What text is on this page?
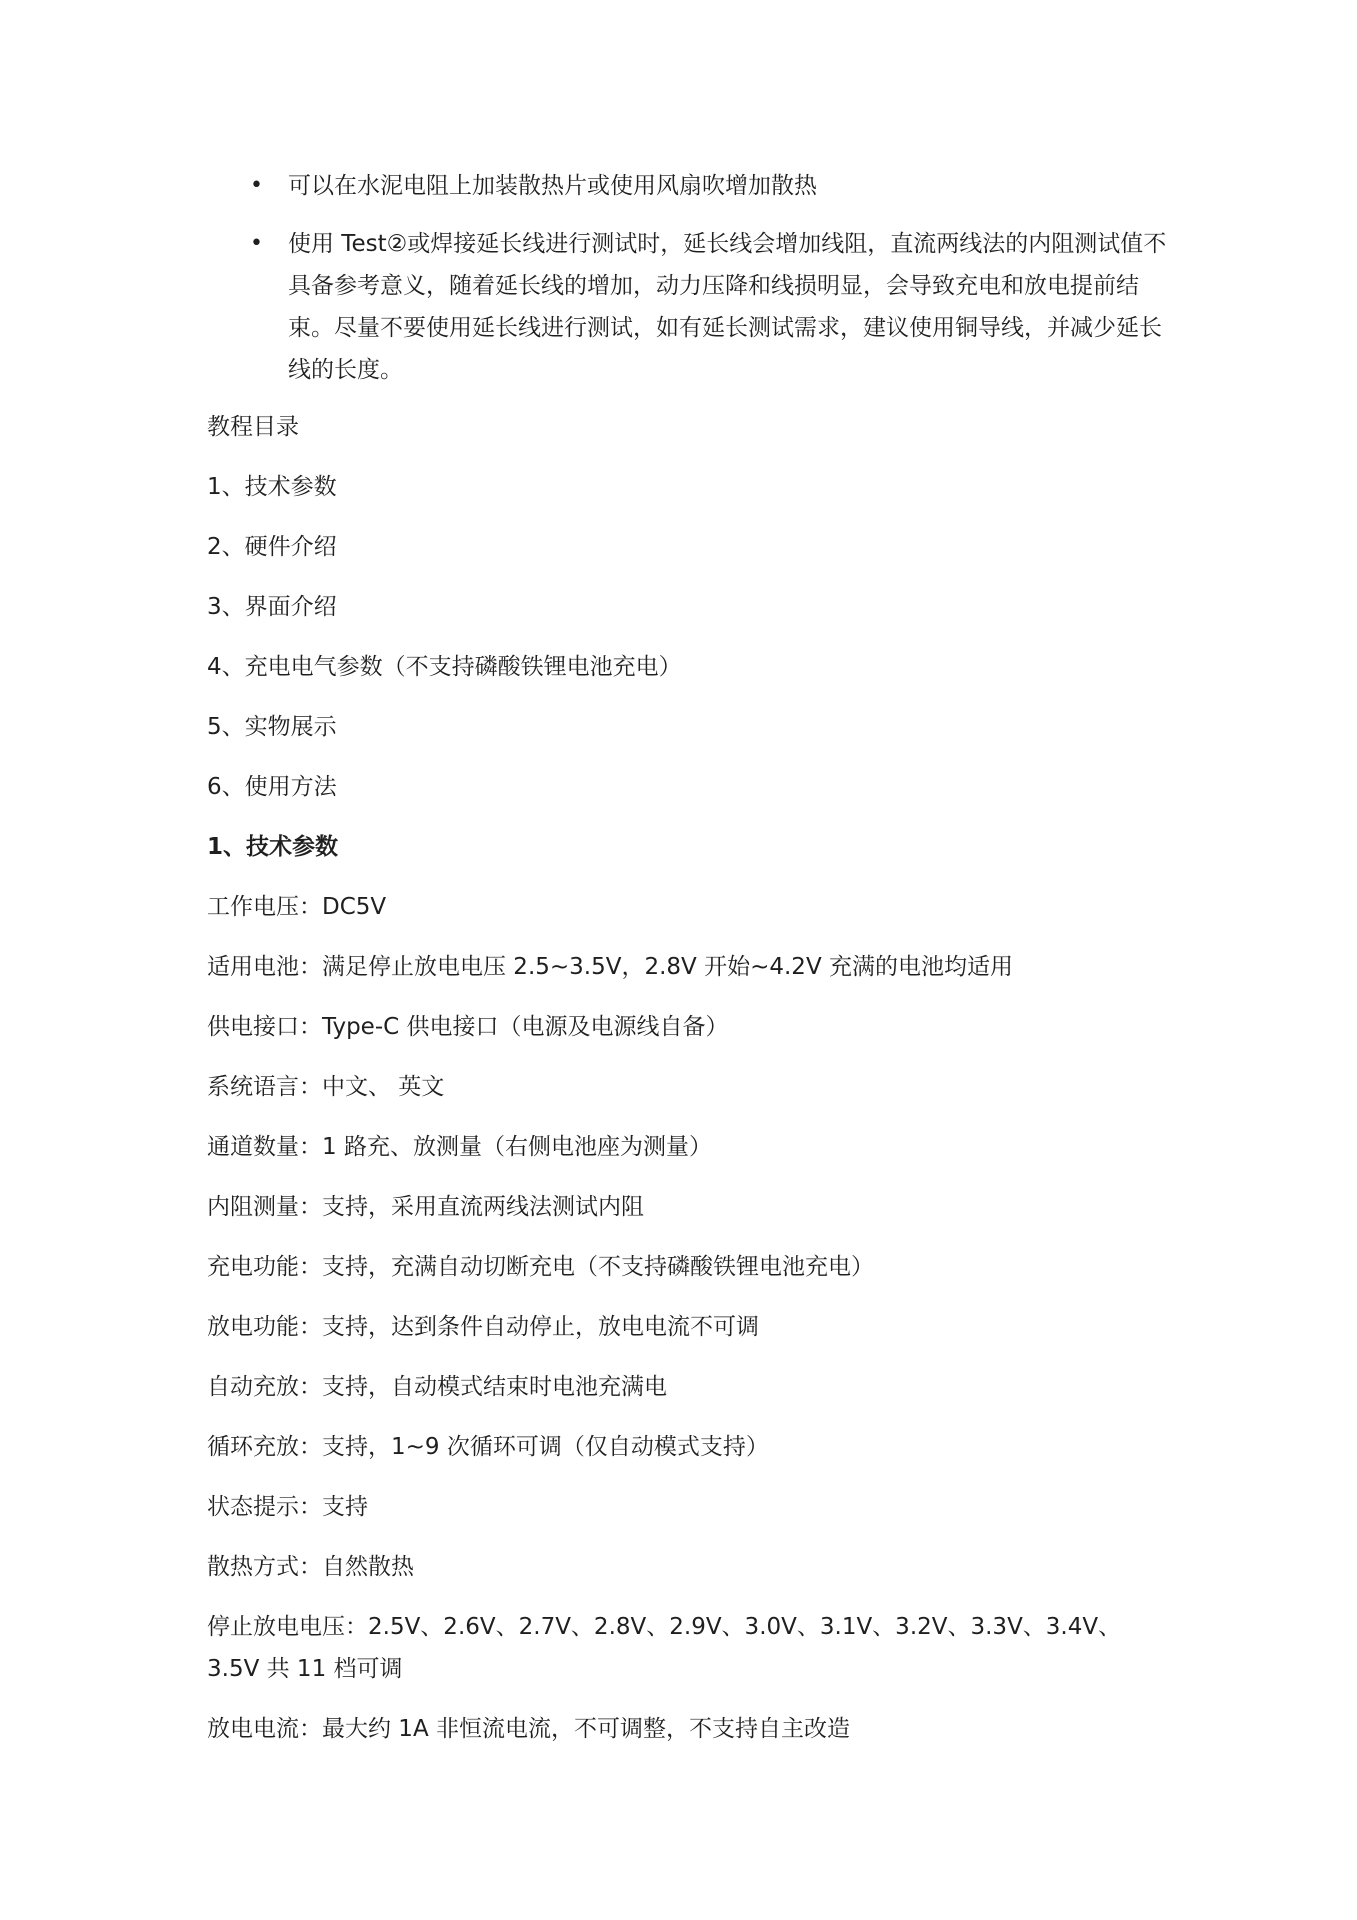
• 可以在水泥电阻上加装散热片或使用风扇吹增加散热
• 使用 Test②或焊接延长线进行测试时，延长线会增加线阻，直流两线法的内阻测试值不具备参考意义，随着延长线的增加，动力压降和线损明显，会导致充电和放电提前结束。尽量不要使用延长线进行测试，如有延长测试需求，建议使用铜导线，并减少延长线的长度。

教程目录

1、技术参数

2、硬件介绍

3、界面介绍

4、充电电气参数（不支持磷酸铁锂电池充电）

5、实物展示

6、使用方法

1、技术参数

工作电压：DC5V

适用电池：满足停止放电电压 2.5~3.5V，2.8V 开始~4.2V 充满的电池均适用

供电接口：Type-C 供电接口（电源及电源线自备）

系统语言：中文、 英文

通道数量：1 路充、放测量（右侧电池座为测量）

内阻测量：支持，采用直流两线法测试内阻

充电功能：支持，充满自动切断充电（不支持磷酸铁锂电池充电）

放电功能：支持，达到条件自动停止，放电电流不可调

自动充放：支持，自动模式结束时电池充满电

循环充放：支持，1~9 次循环可调（仅自动模式支持）

状态提示：支持

散热方式：自然散热

停止放电电压：2.5V、2.6V、2.7V、2.8V、2.9V、3.0V、3.1V、3.2V、3.3V、3.4V、3.5V 共 11 档可调

放电电流：最大约 1A 非恒流电流，不可调整，不支持自主改造
